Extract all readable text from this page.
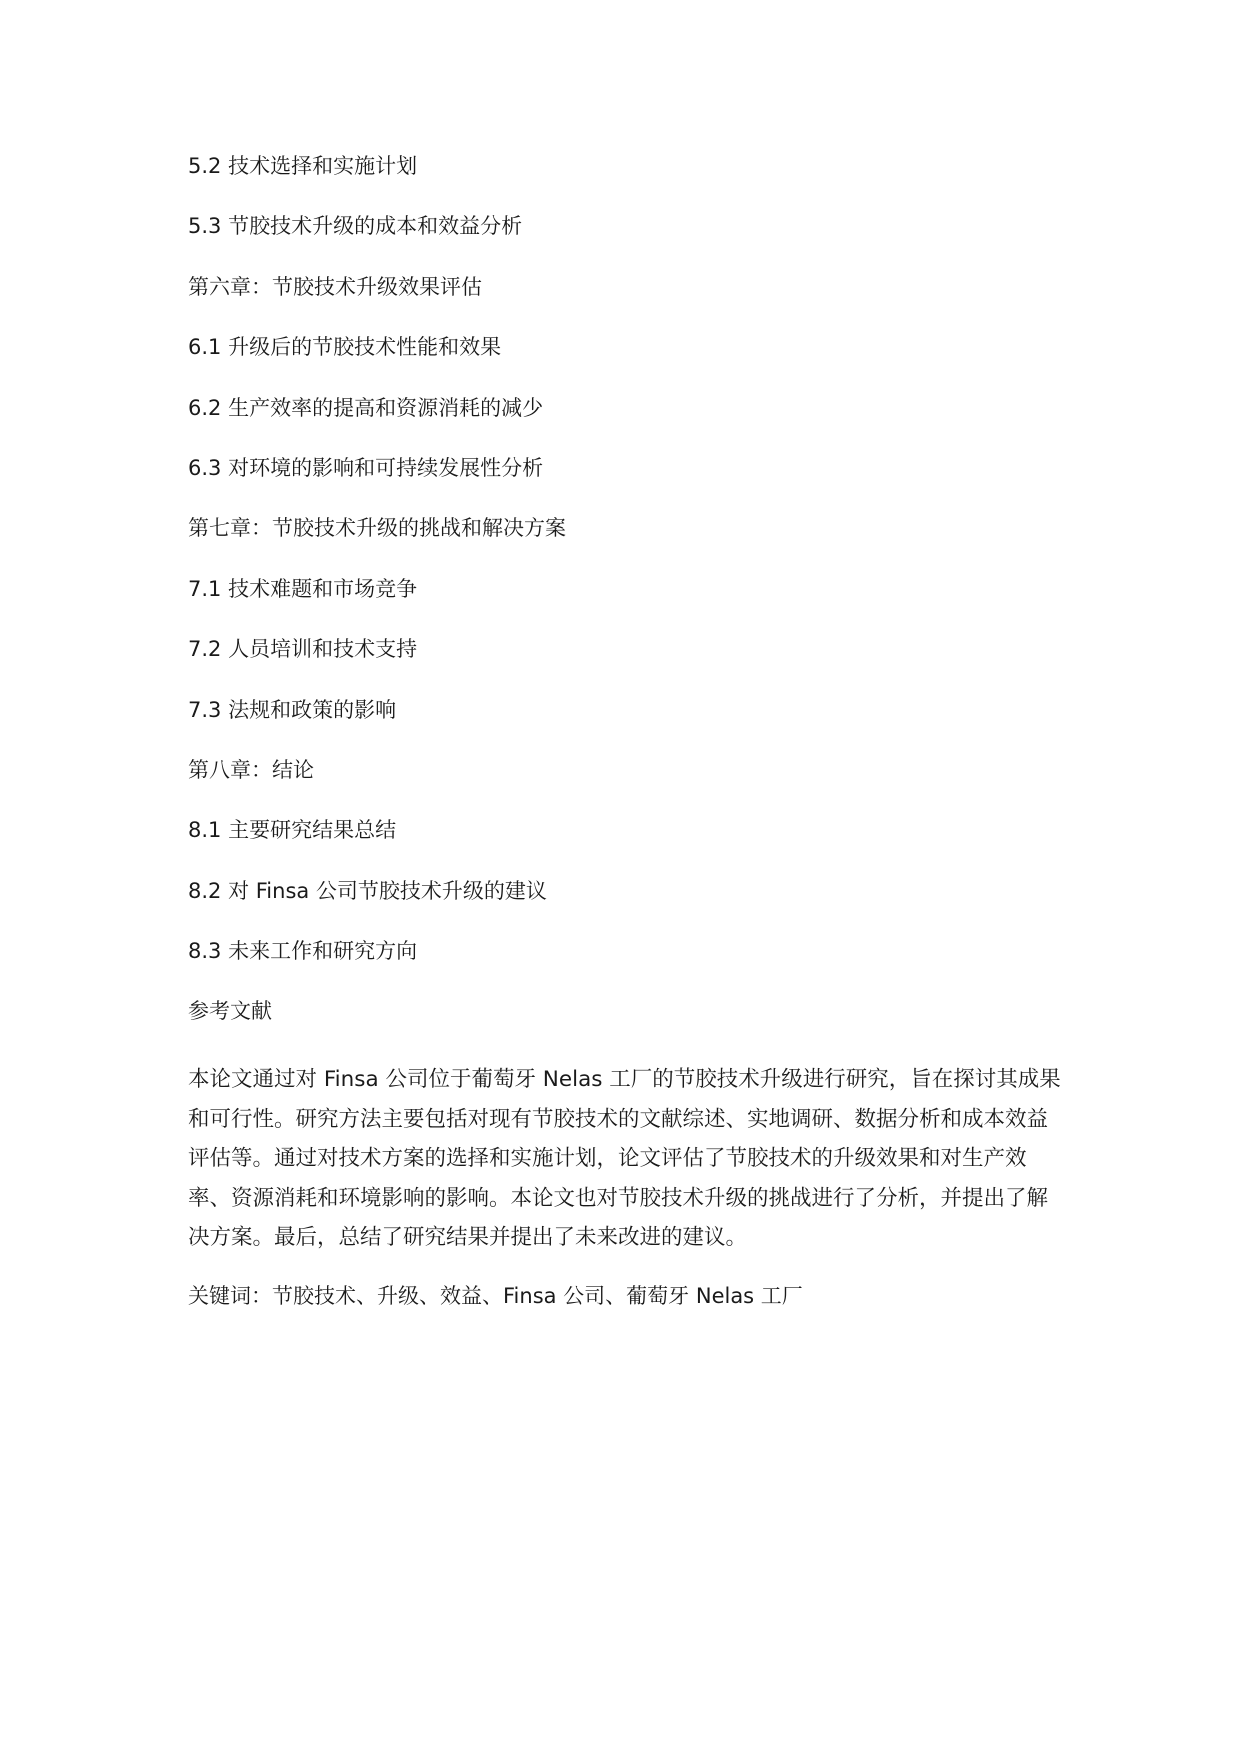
5.2 技术选择和实施计划
5.3 节胶技术升级的成本和效益分析
第六章：节胶技术升级效果评估
6.1 升级后的节胶技术性能和效果
6.2 生产效率的提高和资源消耗的减少
6.3 对环境的影响和可持续发展性分析
第七章：节胶技术升级的挑战和解决方案
7.1 技术难题和市场竞争
7.2 人员培训和技术支持
7.3 法规和政策的影响
第八章：结论
8.1 主要研究结果总结
8.2 对 Finsa 公司节胶技术升级的建议
8.3 未来工作和研究方向
参考文献

本论文通过对 Finsa 公司位于葡萄牙 Nelas 工厂的节胶技术升级进行研究，旨在探讨其成果和可行性。研究方法主要包括对现有节胶技术的文献综述、实地调研、数据分析和成本效益评估等。通过对技术方案的选择和实施计划，论文评估了节胶技术的升级效果和对生产效率、资源消耗和环境影响的影响。本论文也对节胶技术升级的挑战进行了分析，并提出了解决方案。最后，总结了研究结果并提出了未来改进的建议。

关键词：节胶技术、升级、效益、Finsa 公司、葡萄牙 Nelas 工厂
